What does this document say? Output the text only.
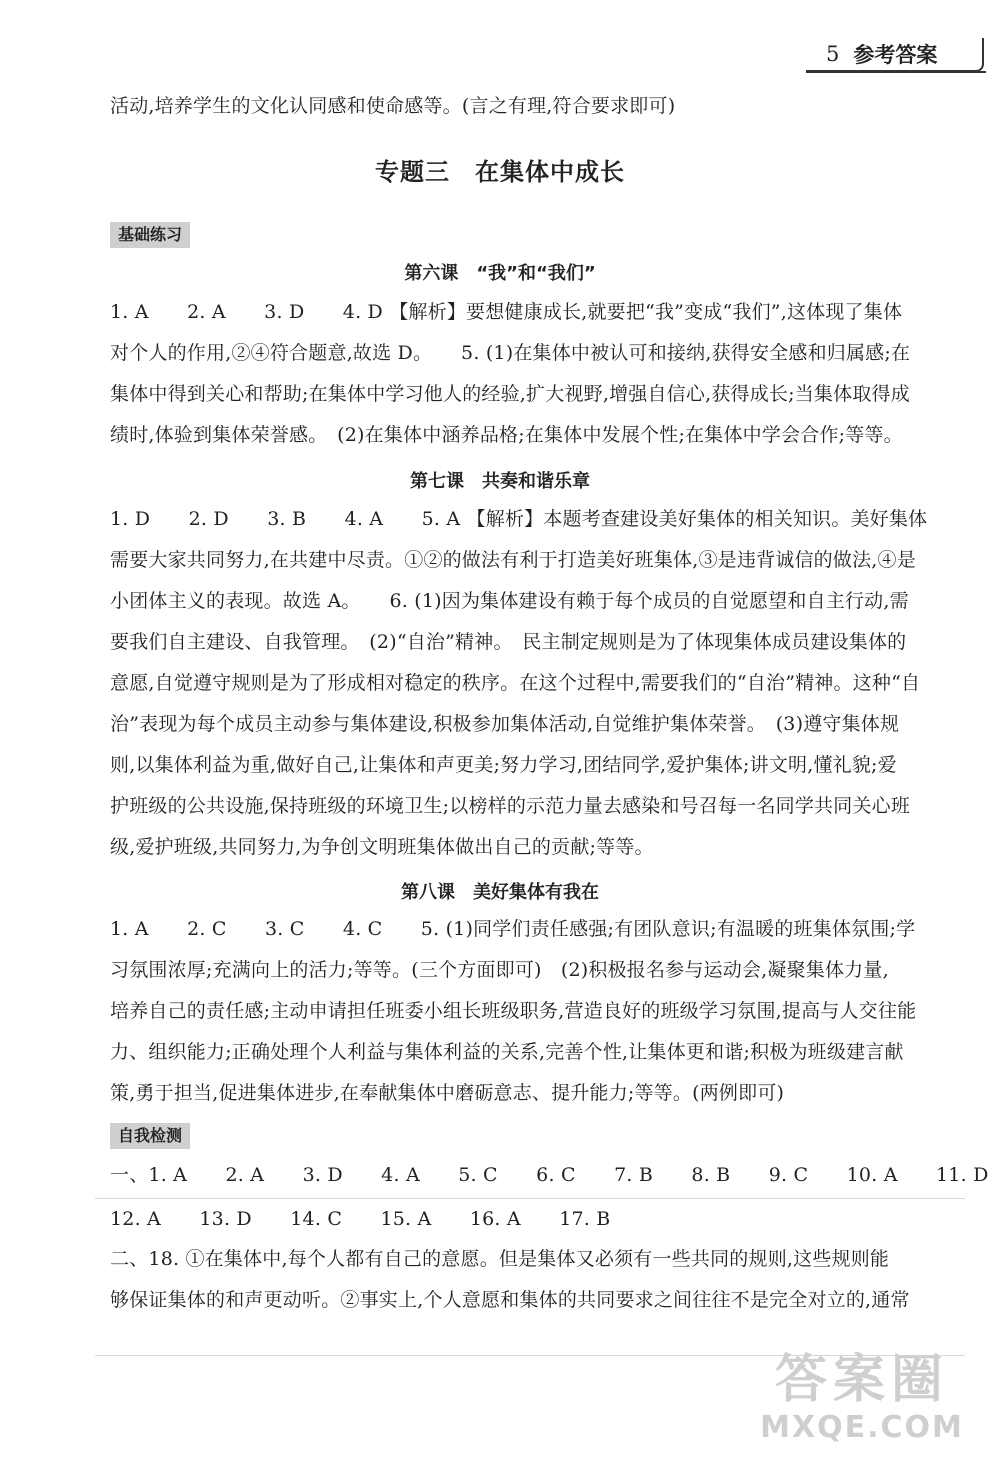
5 参考答案
活动,培养学生的文化认同感和使命感等。(言之有理,符合要求即可)
专题三　在集体中成长
基础练习
第六课　“我”和“我们”
1. A　　2. A　　3. D　　4. D 【解析】要想健康成长,就要把“我”变成“我们”,这体现了集体
对个人的作用,②④符合题意,故选 D。　　5. (1)在集体中被认可和接纳,获得安全感和归属感;在
集体中得到关心和帮助;在集体中学习他人的经验,扩大视野,增强自信心,获得成长;当集体取得成
绩时,体验到集体荣誉感。　(2)在集体中涵养品格;在集体中发展个性;在集体中学会合作;等等。
第七课　共奏和谐乐章
1. D　　2. D　　3. B　　4. A　　5. A 【解析】本题考查建设美好集体的相关知识。美好集体
需要大家共同努力,在共建中尽责。①②的做法有利于打造美好班集体,③是违背诚信的做法,④是
小团体主义的表现。故选 A。　　6. (1)因为集体建设有赖于每个成员的自觉愿望和自主行动,需
要我们自主建设、自我管理。　(2)“自治”精神。　民主制定规则是为了体现集体成员建设集体的
意愿,自觉遵守规则是为了形成相对稳定的秩序。在这个过程中,需要我们的“自治”精神。这种“自
治”表现为每个成员主动参与集体建设,积极参加集体活动,自觉维护集体荣誉。　(3)遵守集体规
则,以集体利益为重,做好自己,让集体和声更美;努力学习,团结同学,爱护集体;讲文明,懂礼貌;爱
护班级的公共设施,保持班级的环境卫生;以榜样的示范力量去感染和号召每一名同学共同关心班
级,爱护班级,共同努力,为争创文明班集体做出自己的贡献;等等。
第八课　美好集体有我在
1. A　　2. C　　3. C　　4. C　　5. (1)同学们责任感强;有团队意识;有温暖的班集体氛围;学
习氛围浓厚;充满向上的活力;等等。(三个方面即可)　(2)积极报名参与运动会,凝聚集体力量,
培养自己的责任感;主动申请担任班委小组长班级职务,营造良好的班级学习氛围,提高与人交往能
力、组织能力;正确处理个人利益与集体利益的关系,完善个性,让集体更和谐;积极为班级建言献
策,勇于担当,促进集体进步,在奉献集体中磨砺意志、提升能力;等等。(两例即可)
自我检测
一、1. A　　2. A　　3. D　　4. A　　5. C　　6. C　　7. B　　8. B　　9. C　　10. A　　11. D
12. A　　13. D　　14. C　　15. A　　16. A　　17. B
二、18. ①在集体中,每个人都有自己的意愿。但是集体又必须有一些共同的规则,这些规则能
够保证集体的和声更动听。②事实上,个人意愿和集体的共同要求之间往往不是完全对立的,通常
答案圈
MXQE.COM
